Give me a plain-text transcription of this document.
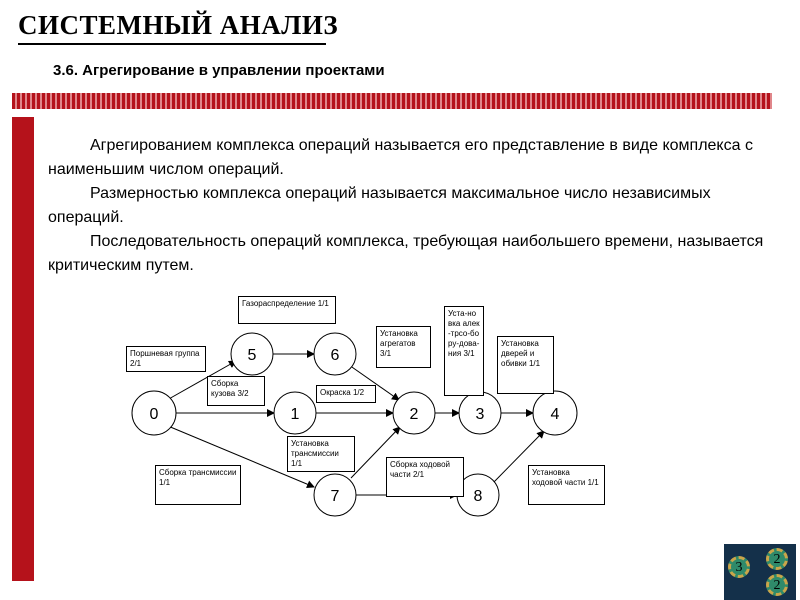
СИСТЕМНЫЙ АНАЛИЗ
3.6. Агрегирование в управлении проектами

Агрегированием комплекса операций называется его представление в виде комплекса с наименьшим числом операций.

Размерностью комплекса операций называется максимальное число независимых операций.

Последовательность операций комплекса, требующая наибольшего времени, называется критическим путем.

0	1	2	3	4
5	6
7	8
Поршневая группа 2/1
Сборка кузова 3/2
Газораспределение 1/1
Установка агрегатов 3/1
Уста-новка алек-трсо-бору-дова-ния 3/1
Установка дверей и обивки 1/1
Окраска 1/2
Установка трансмиссии 1/1
Сборка трансмиссии 1/1
Сборка ходовой части 2/1	Установка ходовой части 1/1
3
2
2
